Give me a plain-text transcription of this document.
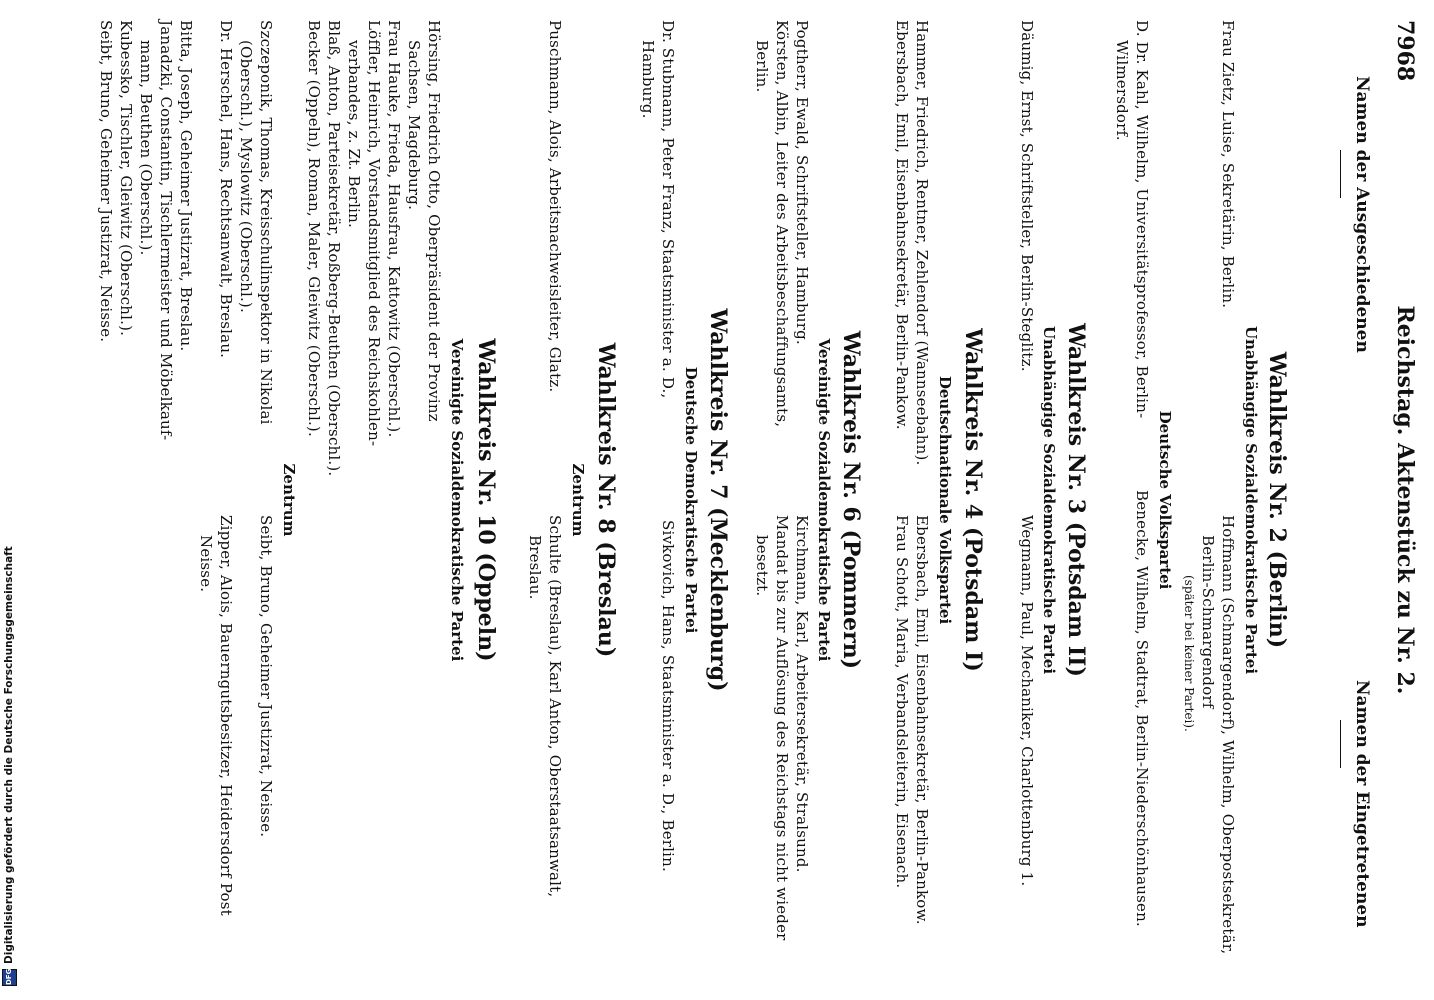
7968
Reichstag. Aktenstück zu Nr. 2.
Namen der Ausgeschiedenen
Namen der Eingetretenen
Wahlkreis Nr. 2 (Berlin)
Unabhängige Sozialdemokratische Partei
Frau Zietz, Luise, Sekretärin, Berlin.
Hoffmann (Schmargendorf), Wilhelm, Oberpostsekretär,
Berlin-Schmargendorf
(später bei keiner Partei).
Deutsche Volkspartei
D. Dr. Kahl, Wilhelm, Universitätsprofessor, Berlin-
Wilmersdorf.
Benecke, Wilhelm, Stadtrat, Berlin-Niederschönhausen.
Wahlkreis Nr. 3 (Potsdam II)
Unabhängige Sozialdemokratische Partei
Däumig, Ernst, Schriftsteller, Berlin-Steglitz.
Wegmann, Paul, Mechaniker, Charlottenburg 1.
Wahlkreis Nr. 4 (Potsdam I)
Deutschnationale Volkspartei
Hammer, Friedrich, Rentner, Zehlendorf (Wannseebahn).
Ebersbach, Emil, Eisenbahnsekretär, Berlin-Pankow.
Ebersbach, Emil, Eisenbahnsekretär, Berlin-Pankow.
Frau Schott, Maria, Verbandsleiterin, Eisenach.
Wahlkreis Nr. 6 (Pommern)
Vereinigte Sozialdemokratische Partei
Pogtherr, Ewald, Schriftsteller, Hamburg.
Kirchmann, Karl, Arbeitersekretär, Stralsund.
Körsten, Albin, Leiter des Arbeitsbeschaffungsamts,
Berlin.
Mandat bis zur Auflösung des Reichstags nicht wieder
besetzt.
Wahlkreis Nr. 7 (Mecklenburg)
Deutsche Demokratische Partei
Dr. Stubmann, Peter Franz, Staatsminister a. D.,
Hamburg.
Sivkovich, Hans, Staatsminister a. D., Berlin.
Wahlkreis Nr. 8 (Breslau)
Zentrum
Puschmann, Alois, Arbeitsnachweisleiter, Glatz.
Schulte (Breslau), Karl Anton, Oberstaatsanwalt,
Breslau.
Wahlkreis Nr. 10 (Oppeln)
Vereinigte Sozialdemokratische Partei
Hörsing, Friedrich Otto, Oberpräsident der Provinz
Sachsen, Magdeburg.
Frau Hauke, Frieda, Hausfrau, Kattowitz (Oberschl.).
Löffler, Heinrich, Vorstandsmitglied des Reichskohlen-
verbandes, z. Zt. Berlin.
Blaß, Anton, Parteisekretär, Roßberg-Beuthen (Oberschl.).
Becker (Oppeln), Roman, Maler, Gleiwitz (Oberschl.).
Zentrum
Szczeponik, Thomas, Kreisschulinspektor in Nikolai
(Oberschl.), Myslowitz (Oberschl.).
Seibt, Bruno, Geheimer Justizrat, Neisse.
Dr. Herschel, Hans, Rechtsanwalt, Breslau.
Zipper, Alois, Bauerngutsbesitzer, Heidersdorf Post
Neisse.
Bitta, Joseph, Geheimer Justizrat, Breslau.
Janadzki, Constantin, Tischlermeister und Möbelkauf-
mann, Beuthen (Oberschl.).
Kubessko, Tischler, Gleiwitz (Oberschl.).
Seibt, Bruno, Geheimer Justizrat, Neisse.
DFG
Digitalisierung gefördert durch die Deutsche Forschungsgemeinschaft
